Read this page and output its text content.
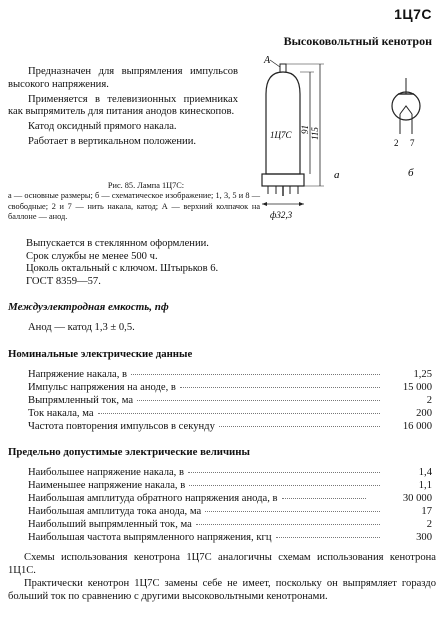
1Ц7С
Высоковольтный кенотрон

Предназначен для выпрямления импульсов высокого напряжения.

Применяется в телевизионных приемниках как выпрямитель для питания анодов кинескопов.

Катод оксидный прямого накала.

Работает в вертикальном положении.

А
1Ц7С
ф32,3
91 115
а
2 7
б
Рис. 85. Лампа 1Ц7С:
а — основные размеры; б — схематическое изображение; 1, 3, 5 и 8 — свободные; 2 и 7 — нить накала, катод; А — верхний колпачок на баллоне — анод.
Выпускается в стеклянном оформлении.
Срок службы не менее 500 ч.
Цоколь октальный с ключом. Штырьков 6.
ГОСТ 8359—57.
Междуэлектродная емкость, пф
Анод — катод 1,3 ± 0,5.
Номинальные электрические данные
Напряжение накала, в	1,25
Импульс напряжения на аноде, в	15 000
Выпрямленный ток, ма	2
Ток накала, ма	200
Частота повторения импульсов в секунду	16 000
Предельно допустимые электрические величины
Наибольшее напряжение накала, в	1,4
Наименьшее напряжение накала, в	1,1
Наибольшая амплитуда обратного напряжения анода, в	30 000
Наибольшая амплитуда тока анода, ма	17
Наибольший выпрямленный ток, ма	2
Наибольшая частота выпрямленного напряжения, кгц	300

Схемы использования кенотрона 1Ц7С аналогичны схемам использования кенотрона 1Ц1С.

Практически кенотрон 1Ц7С замены себе не имеет, поскольку он выпрямляет гораздо больший ток по сравнению с другими высоковольтными кенотронами.
